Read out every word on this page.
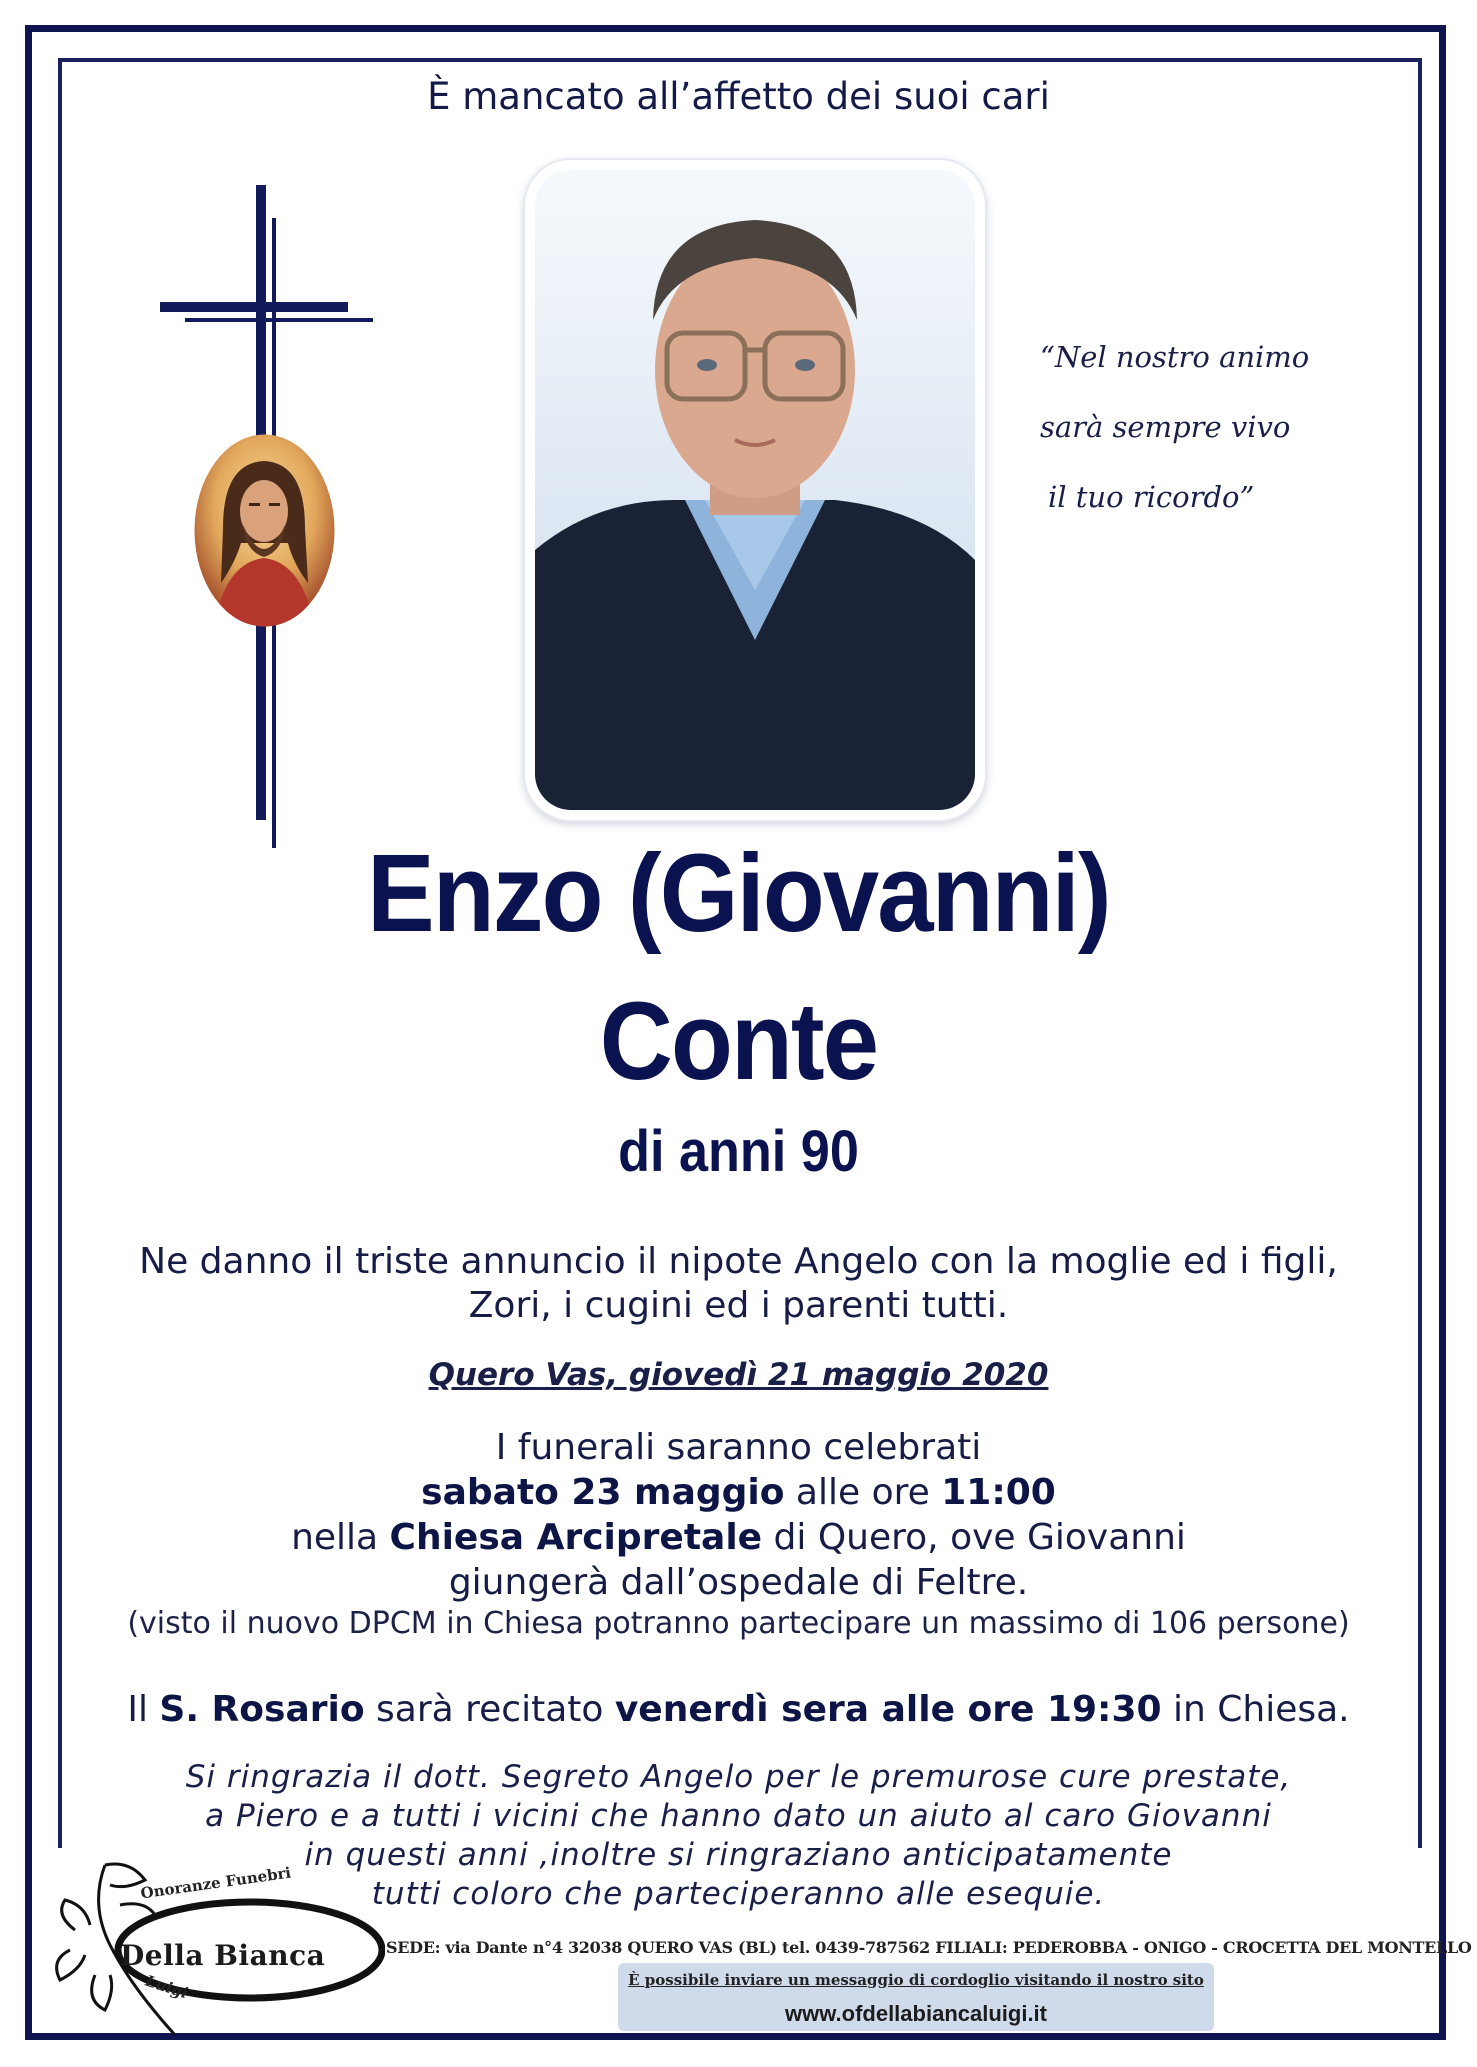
È mancato all’affetto dei suoi cari
“Nel nostro animo
sarà sempre vivo
il tuo ricordo”
Enzo (Giovanni)
Conte
di anni 90
Ne danno il triste annuncio il nipote Angelo con la moglie ed i figli,
Zori, i cugini ed i parenti tutti.
Quero Vas, giovedì 21 maggio 2020
I funerali saranno celebrati
sabato 23 maggio alle ore 11:00
nella Chiesa Arcipretale di Quero, ove Giovanni
giungerà dall’ospedale di Feltre.
(visto il nuovo DPCM in Chiesa potranno partecipare un massimo di 106 persone)
Il S. Rosario sarà recitato venerdì sera alle ore 19:30 in Chiesa.
Si ringrazia il dott. Segreto Angelo per le premurose cure prestate,
a Piero e a tutti i vicini che hanno dato un aiuto al caro Giovanni
in questi anni ,inoltre si ringraziano anticipatamente
tutti coloro che parteciperanno alle esequie.
Onoranze Funebri
Della Bianca
Luigi
SEDE: via Dante n°4 32038 QUERO VAS (BL) tel. 0439-787562 FILIALI: PEDEROBBA - ONIGO - CROCETTA DEL MONTELLO
È possibile inviare un messaggio di cordoglio visitando il nostro sito
www.ofdellabiancaluigi.it
